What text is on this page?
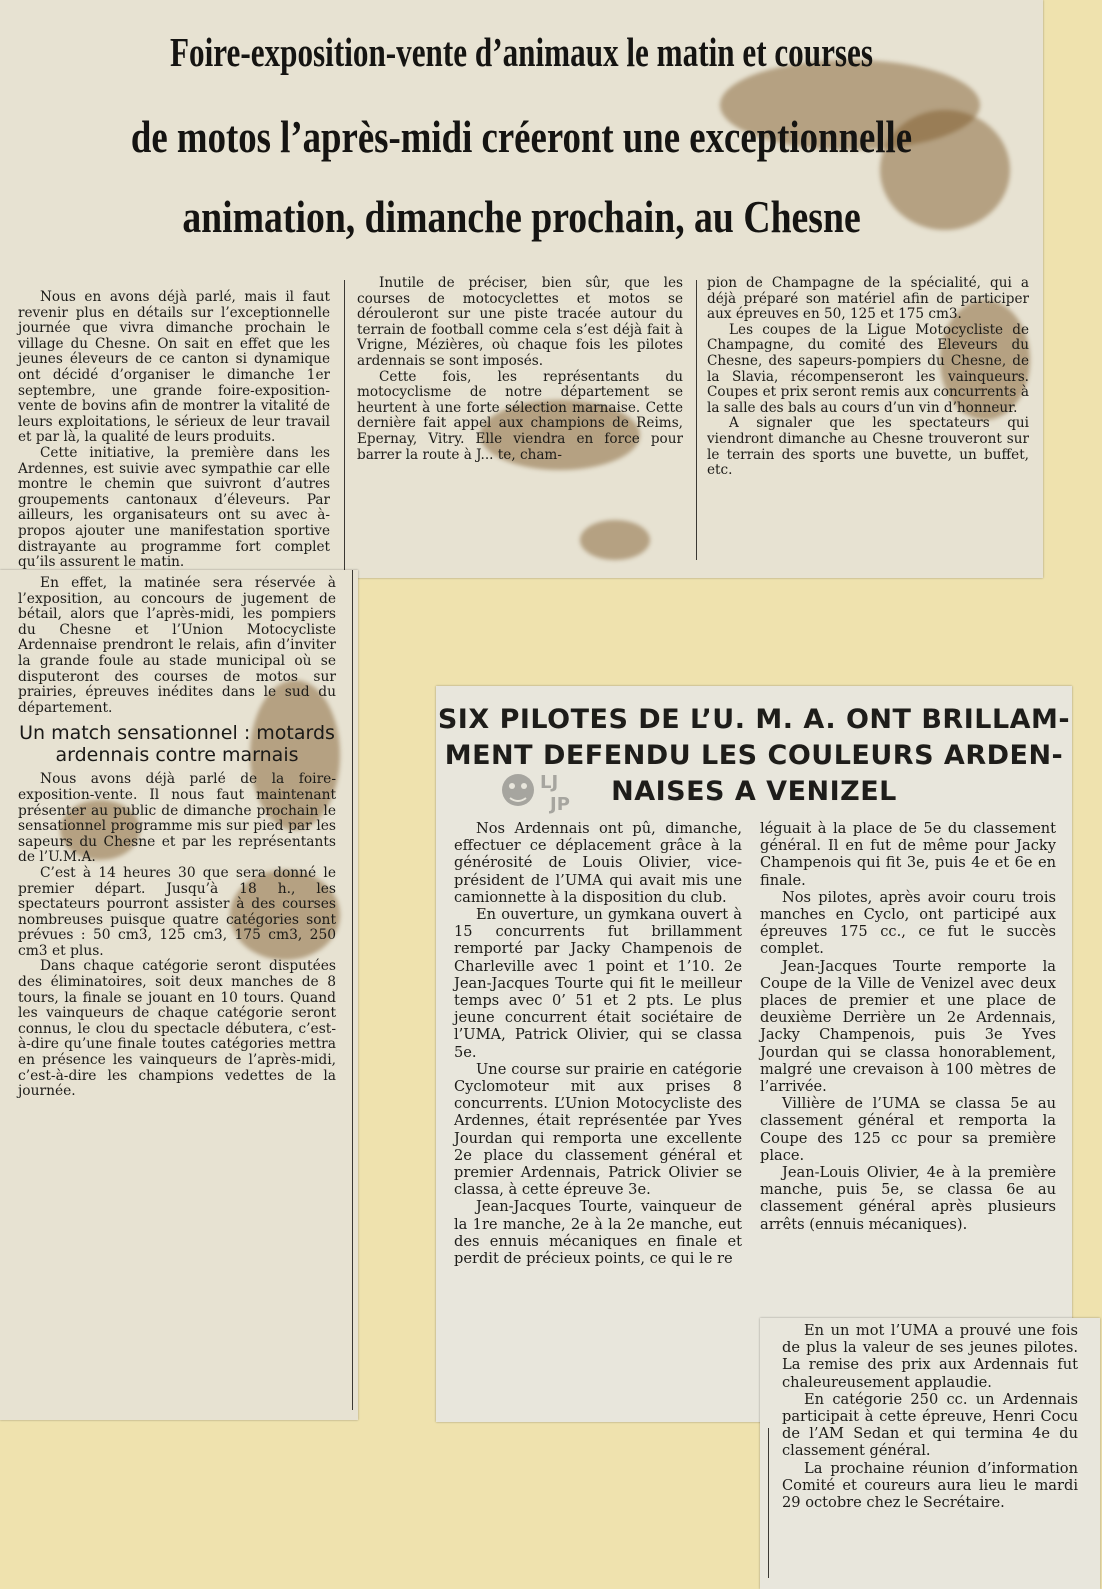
Foire-exposition-vente d’animaux le matin et courses
de motos l’après-midi créeront une exceptionnelle
animation, dimanche prochain, au Chesne

Nous en avons déjà parlé, mais il faut revenir plus en détails sur l’exceptionnelle journée que vivra dimanche prochain le village du Chesne. On sait en effet que les jeunes éleveurs de ce canton si dynamique ont décidé d’organiser le dimanche 1er septembre, une grande foire-exposition-vente de bovins afin de montrer la vitalité de leurs exploitations, le sérieux de leur travail et par là, la qualité de leurs produits.

Cette initiative, la première dans les Ardennes, est suivie avec sympathie car elle montre le chemin que suivront d’autres groupements cantonaux d’éleveurs. Par ailleurs, les organisateurs ont su avec à-propos ajouter une manifestation sportive distrayante au programme fort complet qu’ils assurent le matin.

Inutile de préciser, bien sûr, que les courses de motocyclettes et motos se dérouleront sur une piste tracée autour du terrain de football comme cela s’est déjà fait à Vrigne, Mézières, où chaque fois les pilotes ardennais se sont imposés.

Cette fois, les représentants du motocyclisme de notre département se heurtent à une forte sélection marnaise. Cette dernière fait appel aux champions de Reims, Epernay, Vitry. Elle viendra en force pour barrer la route à J... te, cham-

pion de Champagne de la spécialité, qui a déjà préparé son matériel afin de participer aux épreuves en 50, 125 et 175 cm3.

Les coupes de la Ligue Motocycliste de Champagne, du comité des Eleveurs du Chesne, des sapeurs-pompiers du Chesne, de la Slavia, récompenseront les vainqueurs. Coupes et prix seront remis aux concurrents à la salle des bals au cours d’un vin d’honneur.

A signaler que les spectateurs qui viendront dimanche au Chesne trouveront sur le terrain des sports une buvette, un buffet, etc.

En effet, la matinée sera réservée à l’exposition, au concours de jugement de bétail, alors que l’après-midi, les pompiers du Chesne et l’Union Motocycliste Ardennaise prendront le relais, afin d’inviter la grande foule au stade municipal où se disputeront des courses de motos sur prairies, épreuves inédites dans le sud du département.

Un match sensationnel : motards ardennais contre marnais

Nous avons déjà parlé de la foire-exposition-vente. Il nous faut maintenant présenter au public de dimanche prochain le sensationnel programme mis sur pied par les sapeurs du Chesne et par les représentants de l’U.M.A.

C’est à 14 heures 30 que sera donné le premier départ. Jusqu’à 18 h., les spectateurs pourront assister à des courses nombreuses puisque quatre catégories sont prévues : 50 cm3, 125 cm3, 175 cm3, 250 cm3 et plus.

Dans chaque catégorie seront disputées des éliminatoires, soit deux manches de 8 tours, la finale se jouant en 10 tours. Quand les vainqueurs de chaque catégorie seront connus, le clou du spectacle débutera, c’est-à-dire qu’une finale toutes catégories mettra en présence les vainqueurs de l’après-midi, c’est-à-dire les champions vedettes de la journée.

SIX PILOTES DE L’U. M. A. ONT BRILLAM-
MENT DEFENDU LES COULEURS ARDEN-
NAISES A VENIZEL
LJ
JP

Nos Ardennais ont pû, dimanche, effectuer ce déplacement grâce à la générosité de Louis Olivier, vice-président de l’UMA qui avait mis une camionnette à la disposition du club.

En ouverture, un gymkana ouvert à 15 concurrents fut brillamment remporté par Jacky Champenois de Charleville avec 1 point et 1’10. 2e Jean-Jacques Tourte qui fit le meilleur temps avec 0’ 51 et 2 pts. Le plus jeune concurrent était sociétaire de l’UMA, Patrick Olivier, qui se classa 5e.

Une course sur prairie en catégorie Cyclomoteur mit aux prises 8 concurrents. L’Union Motocycliste des Ardennes, était représentée par Yves Jourdan qui remporta une excellente 2e place du classement général et premier Ardennais, Patrick Olivier se classa, à cette épreuve 3e.

Jean-Jacques Tourte, vainqueur de la 1re manche, 2e à la 2e manche, eut des ennuis mécaniques en finale et perdit de précieux points, ce qui le re

léguait à la place de 5e du classement général. Il en fut de même pour Jacky Champenois qui fit 3e, puis 4e et 6e en finale.

Nos pilotes, après avoir couru trois manches en Cyclo, ont participé aux épreuves 175 cc., ce fut le succès complet.

Jean-Jacques Tourte remporte la Coupe de la Ville de Venizel avec deux places de premier et une place de deuxième Derrière un 2e Ardennais, Jacky Champenois, puis 3e Yves Jourdan qui se classa honorablement, malgré une crevaison à 100 mètres de l’arrivée.

Villière de l’UMA se classa 5e au classement général et remporta la Coupe des 125 cc pour sa première place.

Jean-Louis Olivier, 4e à la première manche, puis 5e, se classa 6e au classement général après plusieurs arrêts (ennuis mécaniques).

En un mot l’UMA a prouvé une fois de plus la valeur de ses jeunes pilotes. La remise des prix aux Ardennais fut chaleureusement applaudie.

En catégorie 250 cc. un Ardennais participait à cette épreuve, Henri Cocu de l’AM Sedan et qui termina 4e du classement général.

La prochaine réunion d’information Comité et coureurs aura lieu le mardi 29 octobre chez le Secrétaire.
